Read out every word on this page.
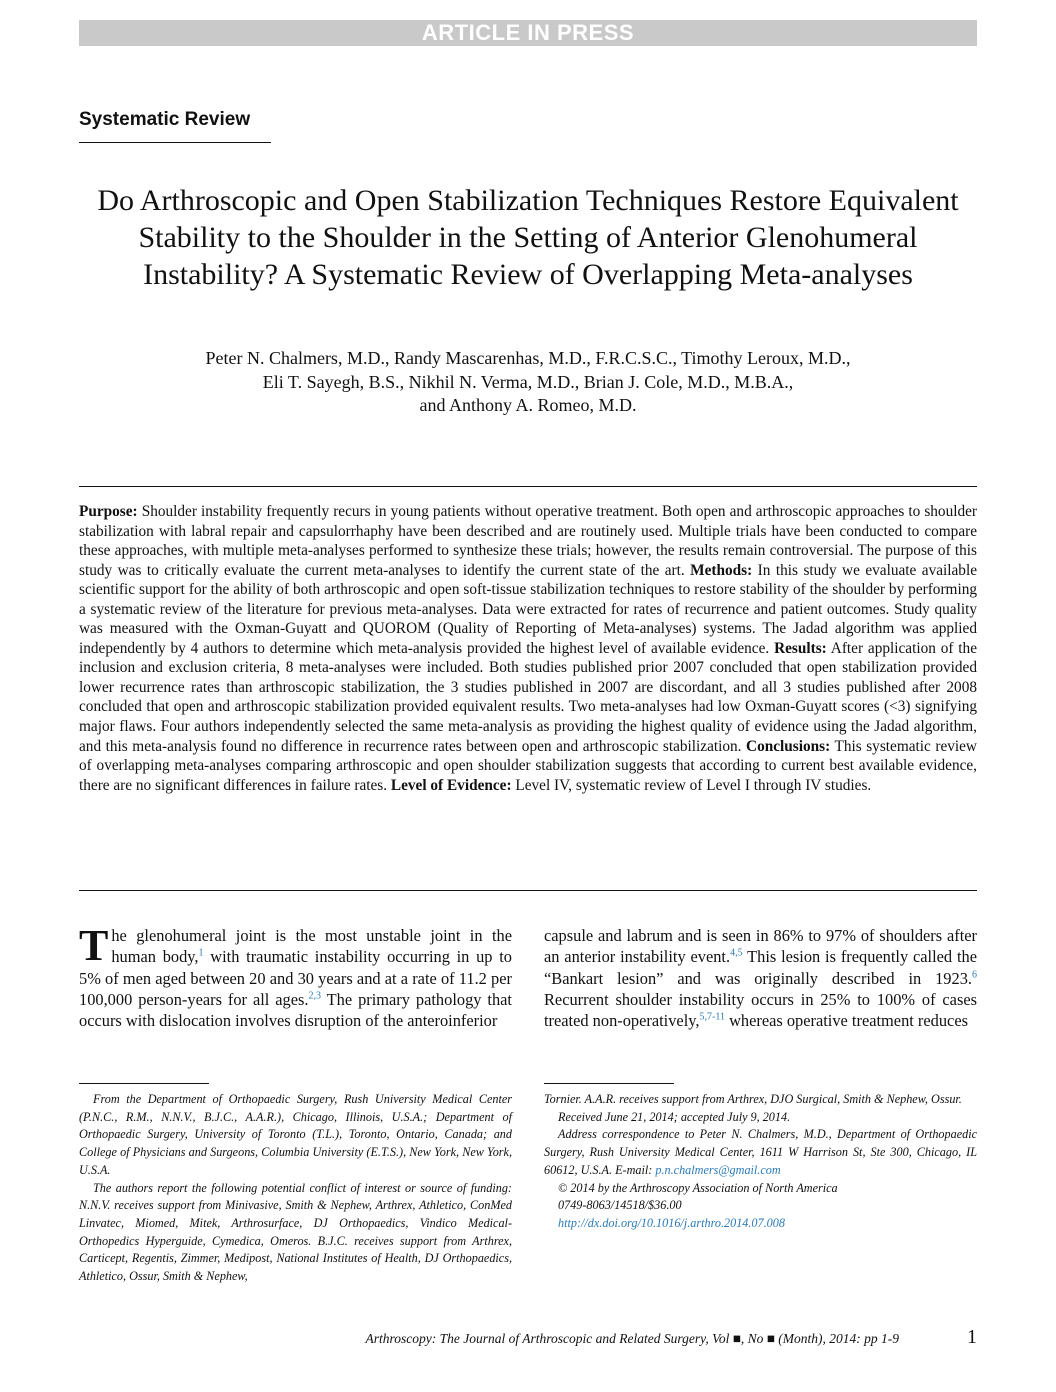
ARTICLE IN PRESS
Systematic Review
Do Arthroscopic and Open Stabilization Techniques Restore Equivalent Stability to the Shoulder in the Setting of Anterior Glenohumeral Instability? A Systematic Review of Overlapping Meta-analyses
Peter N. Chalmers, M.D., Randy Mascarenhas, M.D., F.R.C.S.C., Timothy Leroux, M.D.,
Eli T. Sayegh, B.S., Nikhil N. Verma, M.D., Brian J. Cole, M.D., M.B.A.,
and Anthony A. Romeo, M.D.
Purpose: Shoulder instability frequently recurs in young patients without operative treatment. Both open and arthroscopic approaches to shoulder stabilization with labral repair and capsulorrhaphy have been described and are routinely used. Multiple trials have been conducted to compare these approaches, with multiple meta-analyses performed to synthesize these trials; however, the results remain controversial. The purpose of this study was to critically evaluate the current meta-analyses to identify the current state of the art. Methods: In this study we evaluate available scientific support for the ability of both arthroscopic and open soft-tissue stabilization techniques to restore stability of the shoulder by performing a systematic review of the literature for previous meta-analyses. Data were extracted for rates of recurrence and patient outcomes. Study quality was measured with the Oxman-Guyatt and QUOROM (Quality of Reporting of Meta-analyses) systems. The Jadad algorithm was applied independently by 4 authors to determine which meta-analysis provided the highest level of available evidence. Results: After application of the inclusion and exclusion criteria, 8 meta-analyses were included. Both studies published prior 2007 concluded that open stabilization provided lower recurrence rates than arthroscopic stabilization, the 3 studies published in 2007 are discordant, and all 3 studies published after 2008 concluded that open and arthroscopic stabilization provided equivalent results. Two meta-analyses had low Oxman-Guyatt scores (<3) signifying major flaws. Four authors independently selected the same meta-analysis as providing the highest quality of evidence using the Jadad algorithm, and this meta-analysis found no difference in recurrence rates between open and arthroscopic stabilization. Conclusions: This systematic review of overlapping meta-analyses comparing arthroscopic and open shoulder stabilization suggests that according to current best available evidence, there are no significant differences in failure rates. Level of Evidence: Level IV, systematic review of Level I through IV studies.
The glenohumeral joint is the most unstable joint in the human body,$^1$ with traumatic instability occurring in up to 5% of men aged between 20 and 30 years and at a rate of 11.2 per 100,000 person-years for all ages.$^{2,3}$ The primary pathology that occurs with dislocation involves disruption of the anteroinferior
capsule and labrum and is seen in 86% to 97% of shoulders after an anterior instability event.$^{4,5}$ This lesion is frequently called the “Bankart lesion” and was originally described in 1923.$^6$ Recurrent shoulder instability occurs in 25% to 100% of cases treated non-operatively,$^{5,7-11}$ whereas operative treatment reduces

From the Department of Orthopaedic Surgery, Rush University Medical Center (P.N.C., R.M., N.N.V., B.J.C., A.A.R.), Chicago, Illinois, U.S.A.; Department of Orthopaedic Surgery, University of Toronto (T.L.), Toronto, Ontario, Canada; and College of Physicians and Surgeons, Columbia University (E.T.S.), New York, New York, U.S.A.

The authors report the following potential conflict of interest or source of funding: N.N.V. receives support from Minivasive, Smith & Nephew, Arthrex, Athletico, ConMed Linvatec, Miomed, Mitek, Arthrosurface, DJ Orthopaedics, Vindico Medical-Orthopedics Hyperguide, Cymedica, Omeros. B.J.C. receives support from Arthrex, Carticept, Regentis, Zimmer, Medipost, National Institutes of Health, DJ Orthopaedics, Athletico, Ossur, Smith & Nephew,

Tornier. A.A.R. receives support from Arthrex, DJO Surgical, Smith & Nephew, Ossur.

Received June 21, 2014; accepted July 9, 2014.

Address correspondence to Peter N. Chalmers, M.D., Department of Orthopaedic Surgery, Rush University Medical Center, 1611 W Harrison St, Ste 300, Chicago, IL 60612, U.S.A. E-mail: p.n.chalmers@gmail.com

© 2014 by the Arthroscopy Association of North America

0749-8063/14518/$36.00

http://dx.doi.org/10.1016/j.arthro.2014.07.008

Arthroscopy: The Journal of Arthroscopic and Related Surgery, Vol ■, No ■ (Month), 2014: pp 1-9	1
